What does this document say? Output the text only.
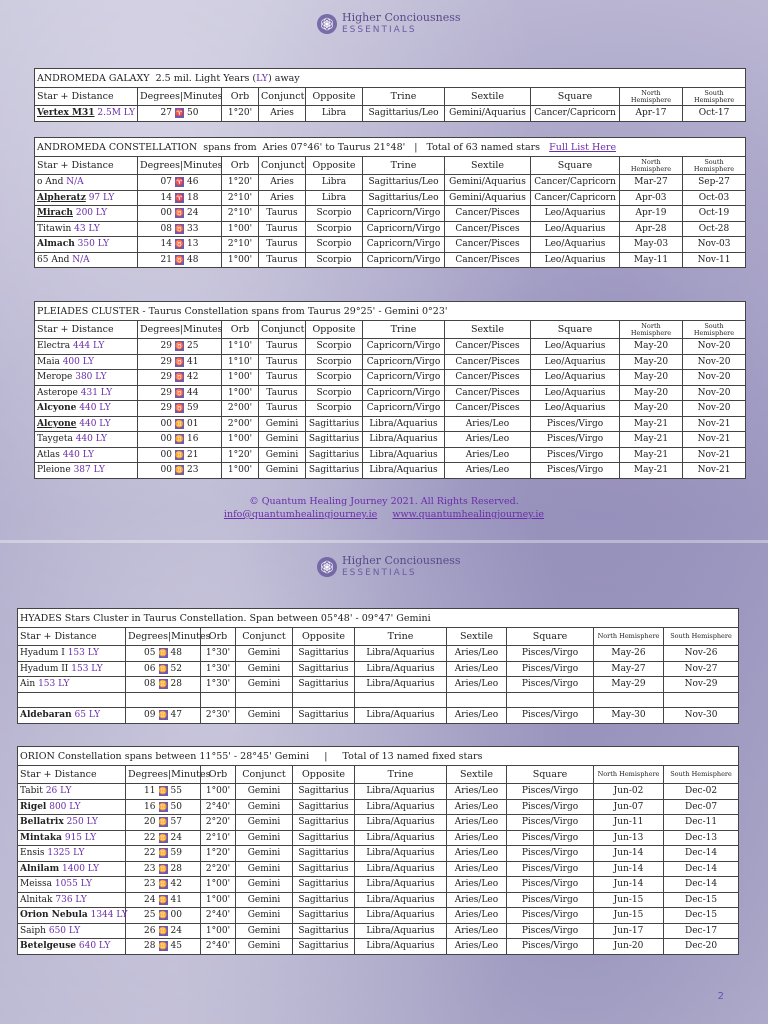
Higher Conciousness
ESSENTIALS
ANDROMEDA GALAXY  2.5 mil. Light Years (LY) away									
Star + Distance	Degrees|Minutes	Orb	Conjunct	Opposite	Trine	Sextile	Square	North Hemisphere	South Hemisphere
Vertex M31 2.5M LY	27 ♈ 50	1°20'	Aries	Libra	Sagittarius/Leo	Gemini/Aquarius	Cancer/Capricorn	Apr-17	Oct-17
ANDROMEDA CONSTELLATION  spans from  Aries 07°46' to Taurus 21°48'   |   Total of 63 named stars   Full List Here									
Star + Distance	Degrees|Minutes	Orb	Conjunct	Opposite	Trine	Sextile	Square	North Hemisphere	South Hemisphere
o And N/A	07 ♈ 46	1°20'	Aries	Libra	Sagittarius/Leo	Gemini/Aquarius	Cancer/Capricorn	Mar-27	Sep-27
Alpheratz 97 LY	14 ♈ 18	2°10'	Aries	Libra	Sagittarius/Leo	Gemini/Aquarius	Cancer/Capricorn	Apr-03	Oct-03
Mirach 200 LY	00 ♉ 24	2°10'	Taurus	Scorpio	Capricorn/Virgo	Cancer/Pisces	Leo/Aquarius	Apr-19	Oct-19
Titawin 43 LY	08 ♉ 33	1°00'	Taurus	Scorpio	Capricorn/Virgo	Cancer/Pisces	Leo/Aquarius	Apr-28	Oct-28
Almach 350 LY	14 ♉ 13	2°10'	Taurus	Scorpio	Capricorn/Virgo	Cancer/Pisces	Leo/Aquarius	May-03	Nov-03
65 And N/A	21 ♉ 48	1°00'	Taurus	Scorpio	Capricorn/Virgo	Cancer/Pisces	Leo/Aquarius	May-11	Nov-11
PLEIADES CLUSTER - Taurus Constellation spans from Taurus 29°25' - Gemini 0°23'									
Star + Distance	Degrees|Minutes	Orb	Conjunct	Opposite	Trine	Sextile	Square	North Hemisphere	South Hemisphere
Electra 444 LY	29 ♉ 25	1°10'	Taurus	Scorpio	Capricorn/Virgo	Cancer/Pisces	Leo/Aquarius	May-20	Nov-20
Maia 400 LY	29 ♉ 41	1°10'	Taurus	Scorpio	Capricorn/Virgo	Cancer/Pisces	Leo/Aquarius	May-20	Nov-20
Merope 380 LY	29 ♉ 42	1°00'	Taurus	Scorpio	Capricorn/Virgo	Cancer/Pisces	Leo/Aquarius	May-20	Nov-20
Asterope 431 LY	29 ♉ 44	1°00'	Taurus	Scorpio	Capricorn/Virgo	Cancer/Pisces	Leo/Aquarius	May-20	Nov-20
Alcyone 440 LY	29 ♉ 59	2°00'	Taurus	Scorpio	Capricorn/Virgo	Cancer/Pisces	Leo/Aquarius	May-20	Nov-20
Alcyone 440 LY	00 ♊ 01	2°00'	Gemini	Sagittarius	Libra/Aquarius	Aries/Leo	Pisces/Virgo	May-21	Nov-21
Taygeta 440 LY	00 ♊ 16	1°00'	Gemini	Sagittarius	Libra/Aquarius	Aries/Leo	Pisces/Virgo	May-21	Nov-21
Atlas 440 LY	00 ♊ 21	1°20'	Gemini	Sagittarius	Libra/Aquarius	Aries/Leo	Pisces/Virgo	May-21	Nov-21
Pleione 387 LY	00 ♊ 23	1°00'	Gemini	Sagittarius	Libra/Aquarius	Aries/Leo	Pisces/Virgo	May-21	Nov-21
© Quantum Healing Journey 2021. All Rights Reserved.
info@quantumhealingjourney.ie www.quantumhealingjourney.ie
Higher Conciousness
ESSENTIALS
HYADES Stars Cluster in Taurus Constellation. Span between 05°48' - 09°47' Gemini									
Star + Distance	Degrees|Minutes	Orb	Conjunct	Opposite	Trine	Sextile	Square	North Hemisphere	South Hemisphere
Hyadum I 153 LY	05 ♊ 48	1°30'	Gemini	Sagittarius	Libra/Aquarius	Aries/Leo	Pisces/Virgo	May-26	Nov-26
Hyadum II 153 LY	06 ♊ 52	1°30'	Gemini	Sagittarius	Libra/Aquarius	Aries/Leo	Pisces/Virgo	May-27	Nov-27
Ain 153 LY	08 ♊ 28	1°30'	Gemini	Sagittarius	Libra/Aquarius	Aries/Leo	Pisces/Virgo	May-29	Nov-29

Aldebaran 65 LY	09 ♊ 47	2°30'	Gemini	Sagittarius	Libra/Aquarius	Aries/Leo	Pisces/Virgo	May-30	Nov-30
ORION Constellation spans between 11°55' - 28°45' Gemini     |     Total of 13 named fixed stars									
Star + Distance	Degrees|Minutes	Orb	Conjunct	Opposite	Trine	Sextile	Square	North Hemisphere	South Hemisphere
Tabit 26 LY	11 ♊ 55	1°00'	Gemini	Sagittarius	Libra/Aquarius	Aries/Leo	Pisces/Virgo	Jun-02	Dec-02
Rigel 800 LY	16 ♊ 50	2°40'	Gemini	Sagittarius	Libra/Aquarius	Aries/Leo	Pisces/Virgo	Jun-07	Dec-07
Bellatrix 250 LY	20 ♊ 57	2°20'	Gemini	Sagittarius	Libra/Aquarius	Aries/Leo	Pisces/Virgo	Jun-11	Dec-11
Mintaka 915 LY	22 ♊ 24	2°10'	Gemini	Sagittarius	Libra/Aquarius	Aries/Leo	Pisces/Virgo	Jun-13	Dec-13
Ensis 1325 LY	22 ♊ 59	1°20'	Gemini	Sagittarius	Libra/Aquarius	Aries/Leo	Pisces/Virgo	Jun-14	Dec-14
Alnilam 1400 LY	23 ♊ 28	2°20'	Gemini	Sagittarius	Libra/Aquarius	Aries/Leo	Pisces/Virgo	Jun-14	Dec-14
Meissa 1055 LY	23 ♊ 42	1°00'	Gemini	Sagittarius	Libra/Aquarius	Aries/Leo	Pisces/Virgo	Jun-14	Dec-14
Alnitak 736 LY	24 ♊ 41	1°00'	Gemini	Sagittarius	Libra/Aquarius	Aries/Leo	Pisces/Virgo	Jun-15	Dec-15
Orion Nebula 1344 LY	25 ♊ 00	2°40'	Gemini	Sagittarius	Libra/Aquarius	Aries/Leo	Pisces/Virgo	Jun-15	Dec-15
Saiph 650 LY	26 ♊ 24	1°00'	Gemini	Sagittarius	Libra/Aquarius	Aries/Leo	Pisces/Virgo	Jun-17	Dec-17
Betelgeuse 640 LY	28 ♊ 45	2°40'	Gemini	Sagittarius	Libra/Aquarius	Aries/Leo	Pisces/Virgo	Jun-20	Dec-20
2
